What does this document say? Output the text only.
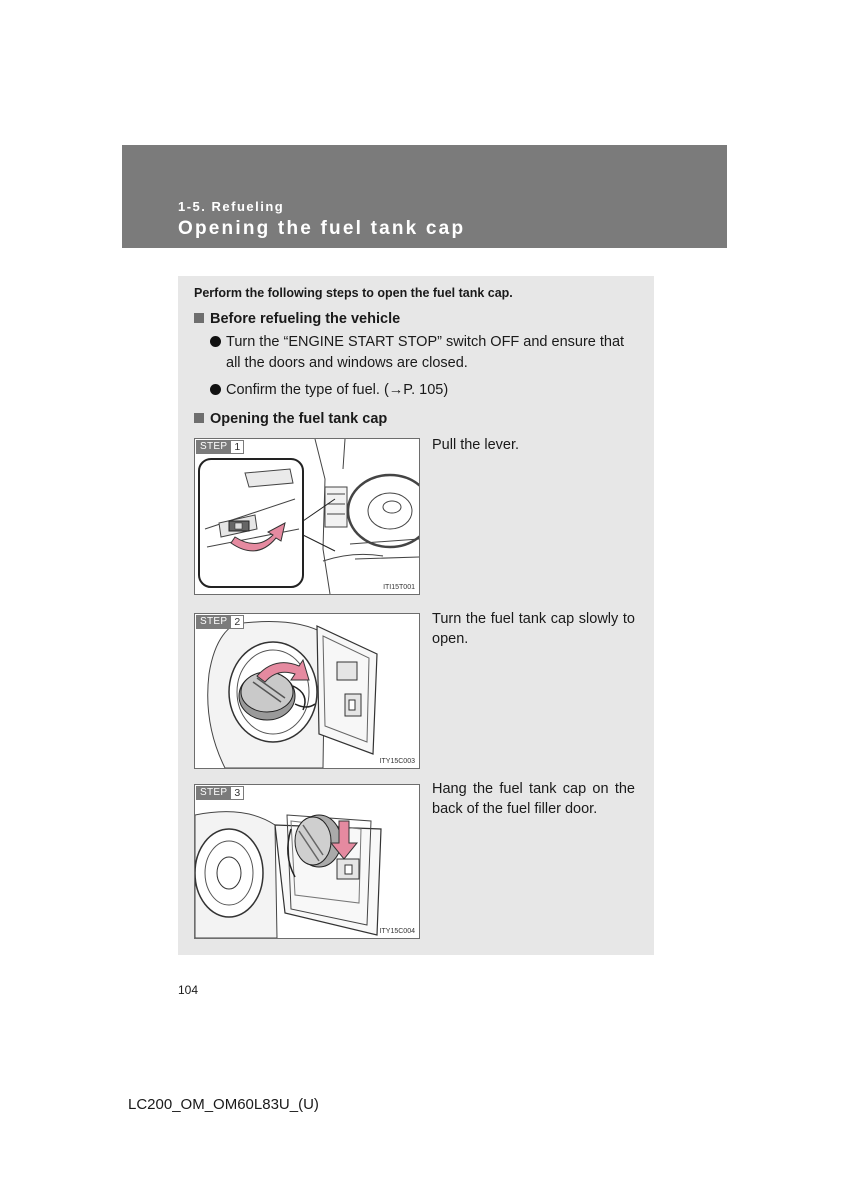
1-5. Refueling
Opening the fuel tank cap
Perform the following steps to open the fuel tank cap.
Before refueling the vehicle
Turn the “ENGINE START STOP” switch OFF and ensure that
all the doors and windows are closed.
Confirm the type of fuel. (→P. 105)
Opening the fuel tank cap
STEP 1
ITI15T001
Pull the lever.
STEP 2
ITY15C003
Turn the fuel tank cap slowly to open.
STEP 3
ITY15C004
Hang the fuel tank cap on the back of the fuel filler door.
104
LC200_OM_OM60L83U_(U)
